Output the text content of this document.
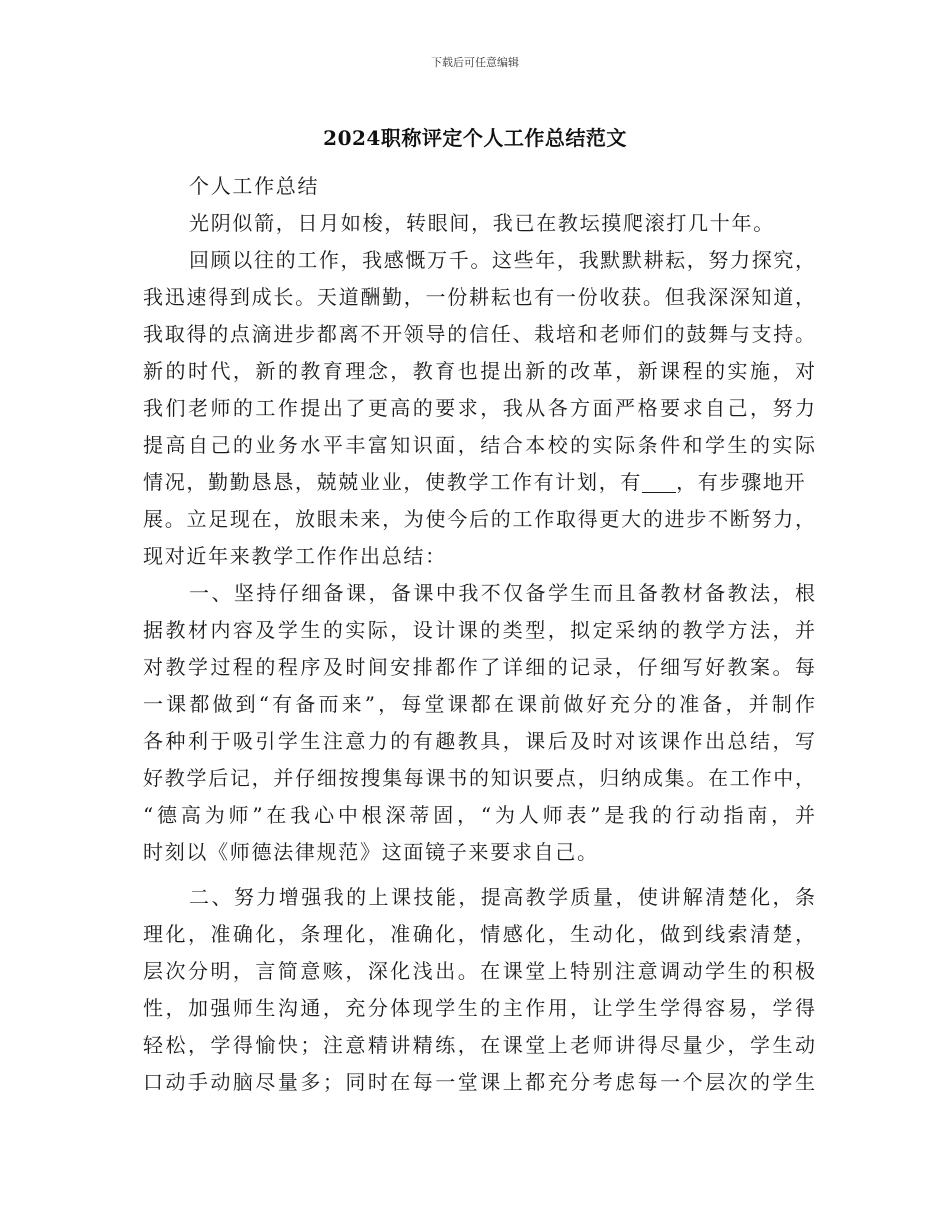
下载后可任意编辑
2024职称评定个人工作总结范文
个人工作总结
光阴似箭，日月如梭，转眼间，我已在教坛摸爬滚打几十年。
回顾以往的工作，我感慨万千。这些年，我默默耕耘，努力探究，
我迅速得到成长。天道酬勤，一份耕耘也有一份收获。但我深深知道，
我取得的点滴进步都离不开领导的信任、栽培和老师们的鼓舞与支持。
新的时代，新的教育理念，教育也提出新的改革，新课程的实施，对
我们老师的工作提出了更高的要求，我从各方面严格要求自己，努力
提高自己的业务水平丰富知识面，结合本校的实际条件和学生的实际
情况，勤勤恳恳，兢兢业业，使教学工作有计划，有 ，有步骤地开
展。立足现在，放眼未来，为使今后的工作取得更大的进步不断努力，
现对近年来教学工作作出总结：
一、坚持仔细备课，备课中我不仅备学生而且备教材备教法，根
据教材内容及学生的实际，设计课的类型，拟定采纳的教学方法，并
对教学过程的程序及时间安排都作了详细的记录，仔细写好教案。每
一课都做到“有备而来”，每堂课都在课前做好充分的准备，并制作
各种利于吸引学生注意力的有趣教具，课后及时对该课作出总结，写
好教学后记，并仔细按搜集每课书的知识要点，归纳成集。在工作中，
“德高为师”在我心中根深蒂固，“为人师表”是我的行动指南，并
时刻以《师德法律规范》这面镜子来要求自己。
二、努力增强我的上课技能，提高教学质量，使讲解清楚化，条
理化，准确化，条理化，准确化，情感化，生动化，做到线索清楚，
层次分明，言简意赅，深化浅出。在课堂上特别注意调动学生的积极
性，加强师生沟通，充分体现学生的主作用，让学生学得容易，学得
轻松，学得愉快；注意精讲精练，在课堂上老师讲得尽量少，学生动
口动手动脑尽量多；同时在每一堂课上都充分考虑每一个层次的学生
